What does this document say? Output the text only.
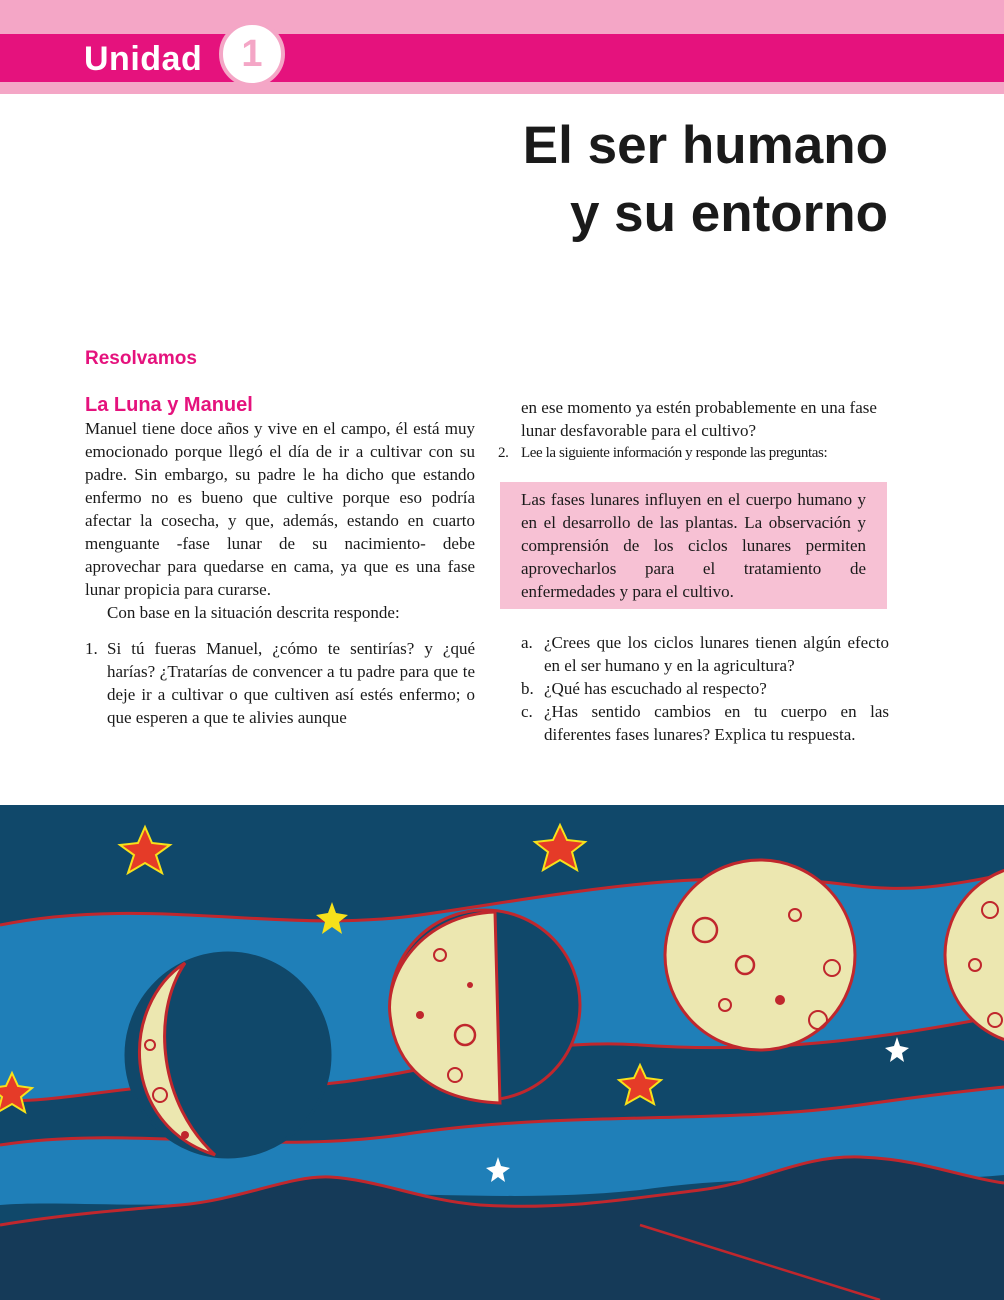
Unidad 1
El ser humano
y su entorno
Resolvamos
La Luna y Manuel

Manuel tiene doce años y vive en el campo, él está muy emocionado porque llegó el día de ir a cultivar con su padre. Sin embargo, su padre le ha dicho que estando enfermo no es bueno que cultive porque eso podría afectar la cosecha, y que, además, estando en cuarto menguante -fase lunar de su nacimiento- debe aprovechar para quedarse en cama, ya que es una fase lunar propicia para curarse.

Con base en la situación descrita responde:

1. Si tú fueras Manuel, ¿cómo te sentirías? y ¿qué harías? ¿Tratarías de convencer a tu padre para que te deje ir a cultivar o que cultiven así estés enfermo; o que esperen a que te alivies aunque

en ese momento ya estén probablemente en una fase lunar desfavorable para el cultivo?

2. Lee la siguiente información y responde las preguntas:
Las fases lunares influyen en el cuerpo humano y en el desarrollo de las plantas. La observación y comprensión de los ciclos lunares permiten aprovecharlos para el tratamiento de enfermedades y para el cultivo.
a. ¿Crees que los ciclos lunares tienen algún efecto en el ser humano y en la agricultura?
b. ¿Qué has escuchado al respecto?
c. ¿Has sentido cambios en tu cuerpo en las diferentes fases lunares? Explica tu respuesta.
